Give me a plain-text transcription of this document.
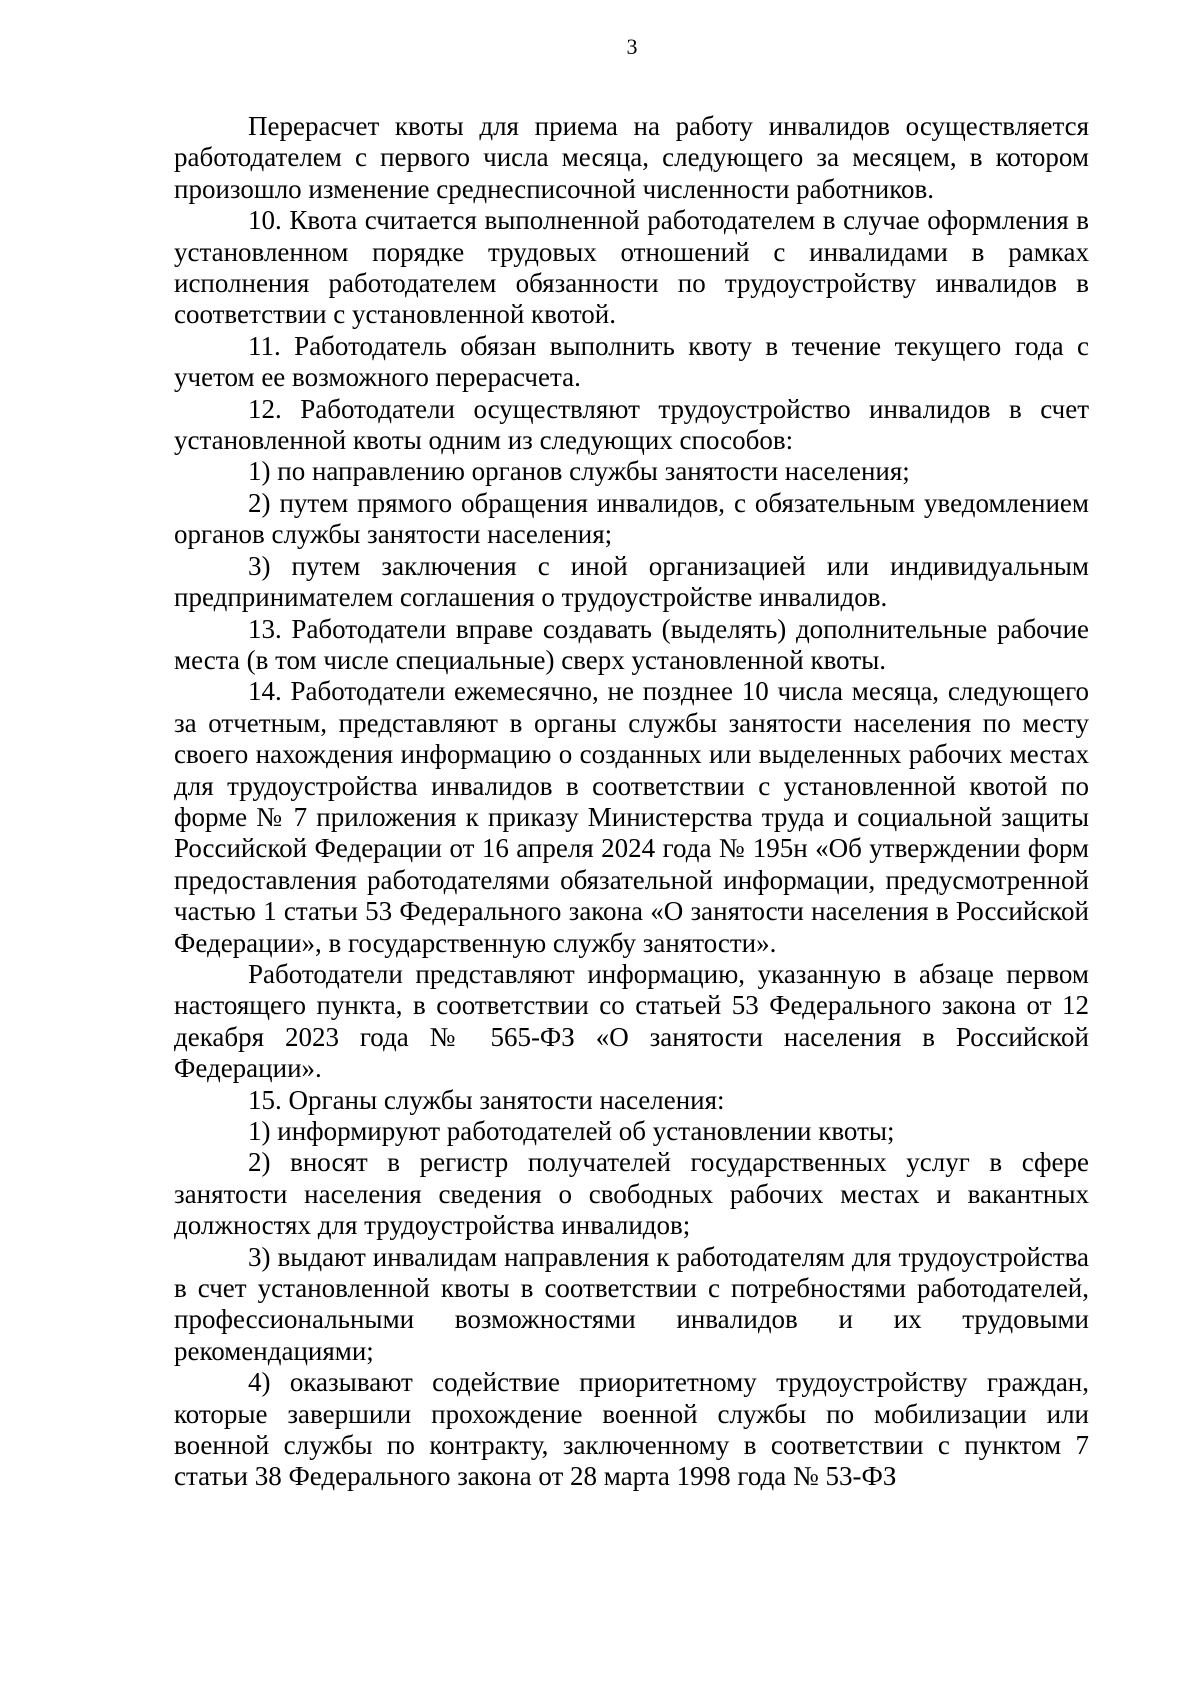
3

Перерасчет квоты для приема на работу инвалидов осуществляется работодателем с первого числа месяца, следующего за месяцем, в котором произошло изменение среднесписочной численности работников.

10. Квота считается выполненной работодателем в случае оформления в установленном порядке трудовых отношений с инвалидами в рамках исполнения работодателем обязанности по трудоустройству инвалидов в соответствии с установленной квотой.

11. Работодатель обязан выполнить квоту в течение текущего года с учетом ее возможного перерасчета.

12. Работодатели осуществляют трудоустройство инвалидов в счет установленной квоты одним из следующих способов:

1) по направлению органов службы занятости населения;

2) путем прямого обращения инвалидов, с обязательным уведомлением органов службы занятости населения;

3) путем заключения с иной организацией или индивидуальным предпринимателем соглашения о трудоустройстве инвалидов.

13. Работодатели вправе создавать (выделять) дополнительные рабочие места (в том числе специальные) сверх установленной квоты.

14. Работодатели ежемесячно, не позднее 10 числа месяца, следующего за отчетным, представляют в органы службы занятости населения по месту своего нахождения информацию о созданных или выделенных рабочих местах для трудоустройства инвалидов в соответствии с установленной квотой по форме № 7 приложения к приказу Министерства труда и социальной защиты Российской Федерации от 16 апреля 2024 года № 195н «Об утверждении форм предоставления работодателями обязательной информации, предусмотренной частью 1 статьи 53 Федерального закона «О занятости населения в Российской Федерации», в государственную службу занятости».

Работодатели представляют информацию, указанную в абзаце первом настоящего пункта, в соответствии со статьей 53 Федерального закона от 12 декабря 2023 года № 565-ФЗ «О занятости населения в Российской Федерации».

15. Органы службы занятости населения:

1) информируют работодателей об установлении квоты;

2) вносят в регистр получателей государственных услуг в сфере занятости населения сведения о свободных рабочих местах и вакантных должностях для трудоустройства инвалидов;

3) выдают инвалидам направления к работодателям для трудоустройства в счет установленной квоты в соответствии с потребностями работодателей, профессиональными возможностями инвалидов и их трудовыми рекомендациями;

4) оказывают содействие приоритетному трудоустройству граждан, которые завершили прохождение военной службы по мобилизации или военной службы по контракту, заключенному в соответствии с пунктом 7 статьи 38 Федерального закона от 28 марта 1998 года № 53-ФЗ
